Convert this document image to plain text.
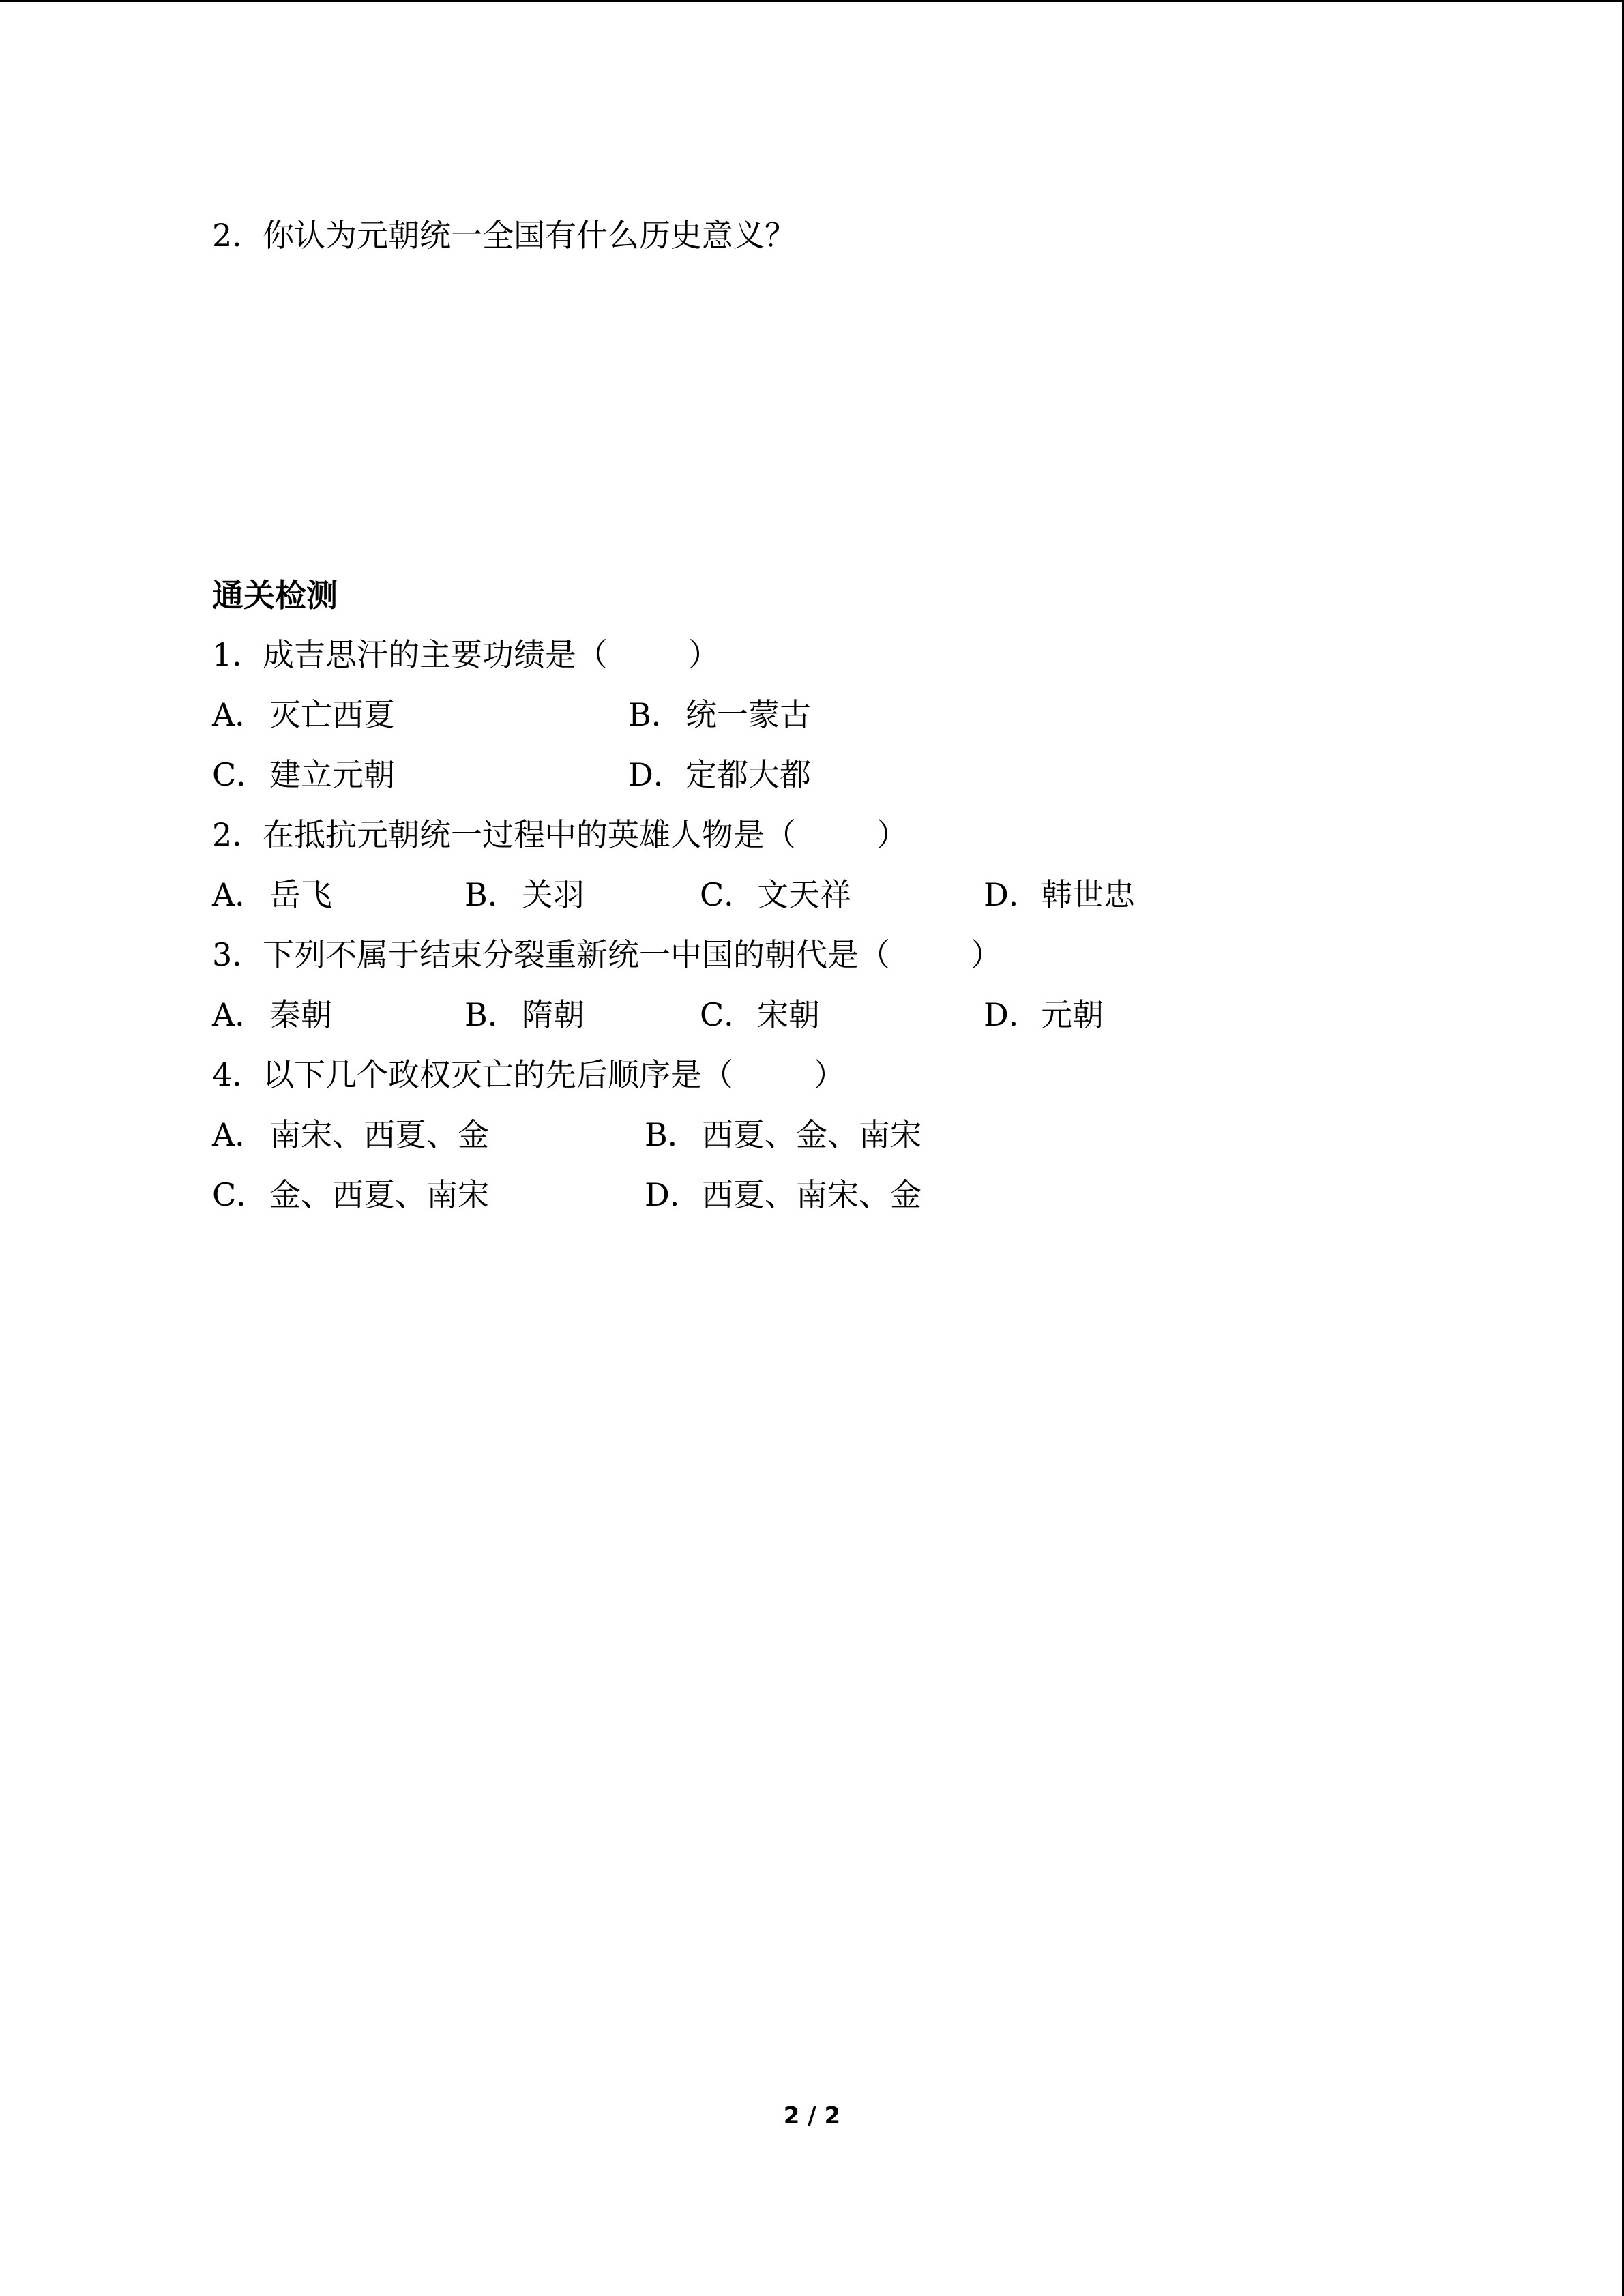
2．你认为元朝统一全国有什么历史意义？
通关检测
1．成吉思汗的主要功绩是（	）
A． 灭亡西夏	B．统一蒙古
C．建立元朝	D．定都大都
2．在抵抗元朝统一过程中的英雄人物是（	）
A． 岳飞	B．关羽	C．文天祥	D．韩世忠
3．下列不属于结束分裂重新统一中国的朝代是（	）
A． 秦朝	B．隋朝	C．宋朝	D．元朝
4．以下几个政权灭亡的先后顺序是（	）
A． 南宋、西夏、金	B．西夏、金、南宋
C．金、西夏、南宋	D．西夏、南宋、金
2 / 2
